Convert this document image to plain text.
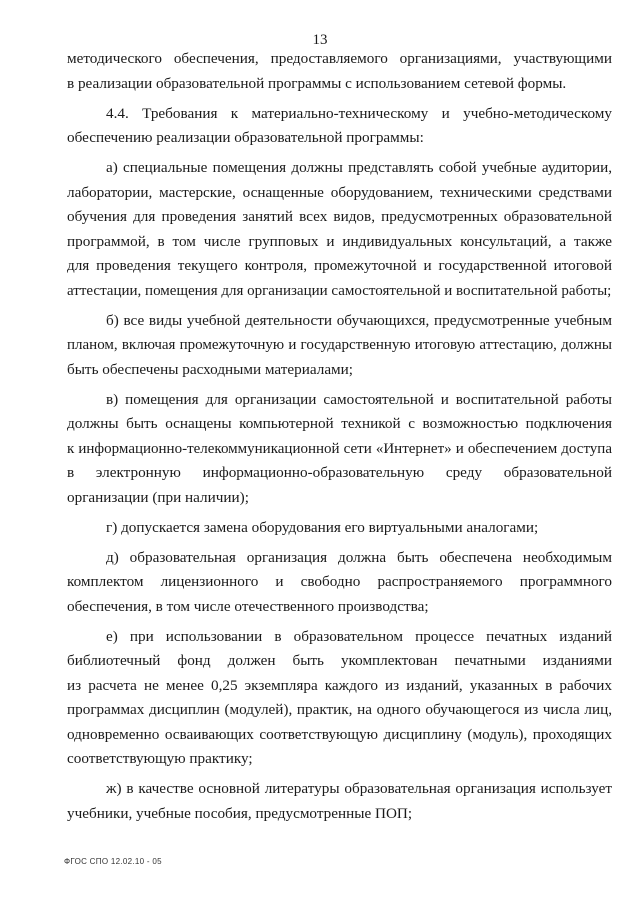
13
методического обеспечения, предоставляемого организациями, участвующими
в реализации образовательной программы с использованием сетевой формы.
4.4. Требования к материально-техническому и учебно-методическому
обеспечению реализации образовательной программы:
а) специальные помещения должны представлять собой учебные аудитории,
лаборатории, мастерские, оснащенные оборудованием, техническими средствами
обучения для проведения занятий всех видов, предусмотренных образовательной
программой, в том числе групповых и индивидуальных консультаций, а также
для проведения текущего контроля, промежуточной и государственной итоговой
аттестации, помещения для организации самостоятельной и воспитательной работы;
б) все виды учебной деятельности обучающихся, предусмотренные учебным
планом, включая промежуточную и государственную итоговую аттестацию, должны
быть обеспечены расходными материалами;
в) помещения для организации самостоятельной и воспитательной работы
должны быть оснащены компьютерной техникой с возможностью подключения
к информационно-телекоммуникационной сети «Интернет» и обеспечением доступа
в электронную информационно-образовательную среду образовательной
организации (при наличии);
г) допускается замена оборудования его виртуальными аналогами;
д) образовательная организация должна быть обеспечена необходимым
комплектом лицензионного и свободно распространяемого программного
обеспечения, в том числе отечественного производства;
е) при использовании в образовательном процессе печатных изданий
библиотечный фонд должен быть укомплектован печатными изданиями
из расчета не менее 0,25 экземпляра каждого из изданий, указанных в рабочих
программах дисциплин (модулей), практик, на одного обучающегося из числа лиц,
одновременно осваивающих соответствующую дисциплину (модуль), проходящих
соответствующую практику;
ж) в качестве основной литературы образовательная организация использует
учебники, учебные пособия, предусмотренные ПОП;
ФГОС СПО 12.02.10 - 05
